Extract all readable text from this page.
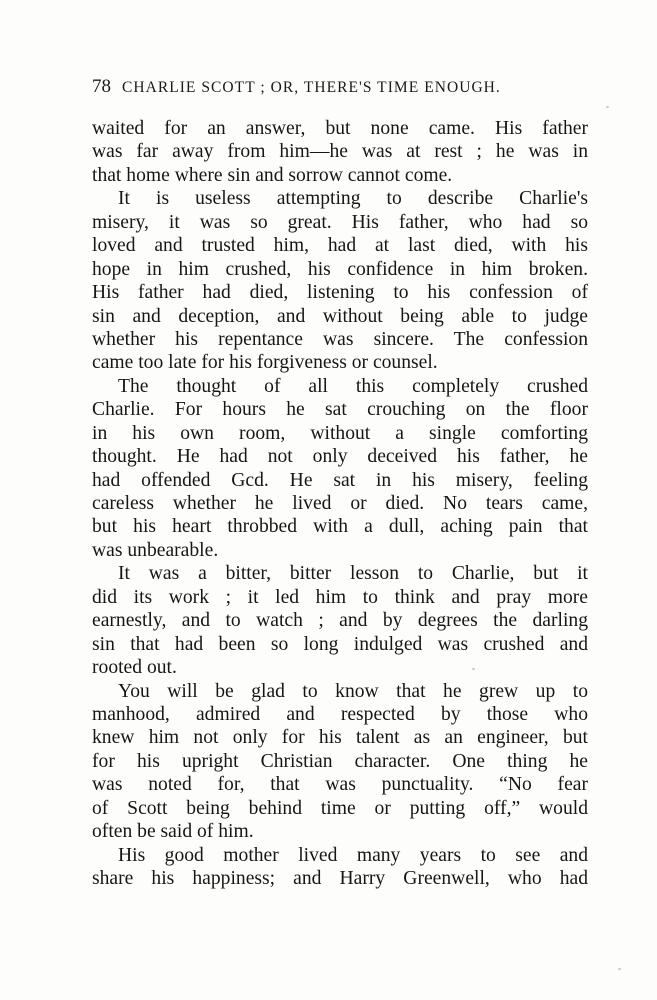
78 CHARLIE SCOTT ; OR, THERE'S TIME ENOUGH.
waited for an answer, but none came. His father
was far away from him—he was at rest ; he was in
that home where sin and sorrow cannot come.
It is useless attempting to describe Charlie's
misery, it was so great. His father, who had so
loved and trusted him, had at last died, with his
hope in him crushed, his confidence in him broken.
His father had died, listening to his confession of
sin and deception, and without being able to judge
whether his repentance was sincere. The confession
came too late for his forgiveness or counsel.
The thought of all this completely crushed
Charlie. For hours he sat crouching on the floor
in his own room, without a single comforting
thought. He had not only deceived his father, he
had offended Gcd. He sat in his misery, feeling
careless whether he lived or died. No tears came,
but his heart throbbed with a dull, aching pain that
was unbearable.
It was a bitter, bitter lesson to Charlie, but it
did its work ; it led him to think and pray more
earnestly, and to watch ; and by degrees the darling
sin that had been so long indulged was crushed and
rooted out.
You will be glad to know that he grew up to
manhood, admired and respected by those who
knew him not only for his talent as an engineer, but
for his upright Christian character. One thing he
was noted for, that was punctuality. “No fear
of Scott being behind time or putting off,” would
often be said of him.
His good mother lived many years to see and
share his happiness; and Harry Greenwell, who had
